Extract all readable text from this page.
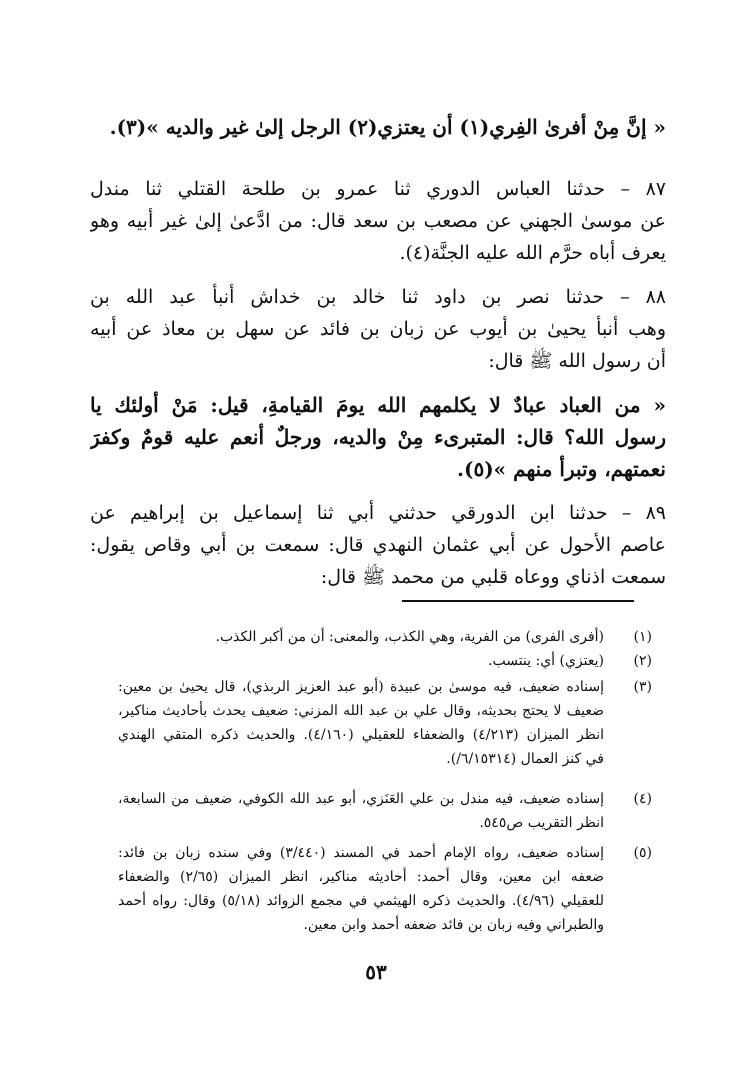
« إنَّ مِنْ أفرىٰ الفِري(١) أن يعتزي(٢) الرجل إلىٰ غير والديه »(٣).
٨٧ – حدثنا العباس الدوري ثنا عمرو بن طلحة القتلي ثنا مندل
عن موسىٰ الجهني عن مصعب بن سعد قال: من ادَّعىٰ إلىٰ غير أبيه وهو
يعرف أباه حرَّم الله عليه الجنَّة(٤).
٨٨ – حدثنا نصر بن داود ثنا خالد بن خداش أنبأ عبد الله بن
وهب أنبأ يحيىٰ بن أيوب عن زبان بن فائد عن سهل بن معاذ عن أبيه
أن رسول الله ﷺ قال:
« من العباد عبادٌ لا يكلمهم الله يومَ القيامةِ، قيل: مَنْ أولئك يا
رسول الله؟ قال: المتبرىء مِنْ والديه، ورجلٌ أنعم عليه قومٌ وكفرَ
نعمتهم، وتبرأ منهم »(٥).
٨٩ – حدثنا ابن الدورقي حدثني أبي ثنا إسماعيل بن إبراهيم عن
عاصم الأحول عن أبي عثمان النهدي قال: سمعت بن أبي وقاص يقول:
سمعت اذناي ووعاه قلبي من محمد ﷺ قال:
(١)
(أفرى الفرى) من الفرية، وهي الكذب، والمعنى: أن من أكبر الكذب.
(٢)
(يعتزي) أي: ينتسب.
(٣)
إسناده ضعيف، فيه موسىٰ بن عبيدة (أبو عبد العزيز الربذي)، قال يحيىٰ بن معين:
ضعيف لا يحتج بحديثه، وقال علي بن عبد الله المزني: ضعيف يحدث بأحاديث مناكير،
انظر الميزان (٤/٢١٣) والضعفاء للعقيلي (٤/١٦٠). والحديث ذكره المتقي الهندي
في كنز العمال (٦/١٥٣١٤/).
(٤)
إسناده ضعيف، فيه مندل بن علي العَنَزي، أبو عبد الله الكوفي، ضعيف من السابعة،
انظر التقريب ص٥٤٥.
(٥)
إسناده ضعيف، رواه الإمام أحمد في المسند (٣/٤٤٠) وفي سنده زبان بن فائد:
ضعفه ابن معين، وقال أحمد: أحاديثه مناكير، انظر الميزان (٢/٦٥) والضعفاء
للعقيلي (٤/٩٦). والحديث ذكره الهيثمي في مجمع الزوائد (٥/١٨) وقال: رواه أحمد
والطبراني وفيه زبان بن فائد ضعفه أحمد وابن معين.
٥٣
